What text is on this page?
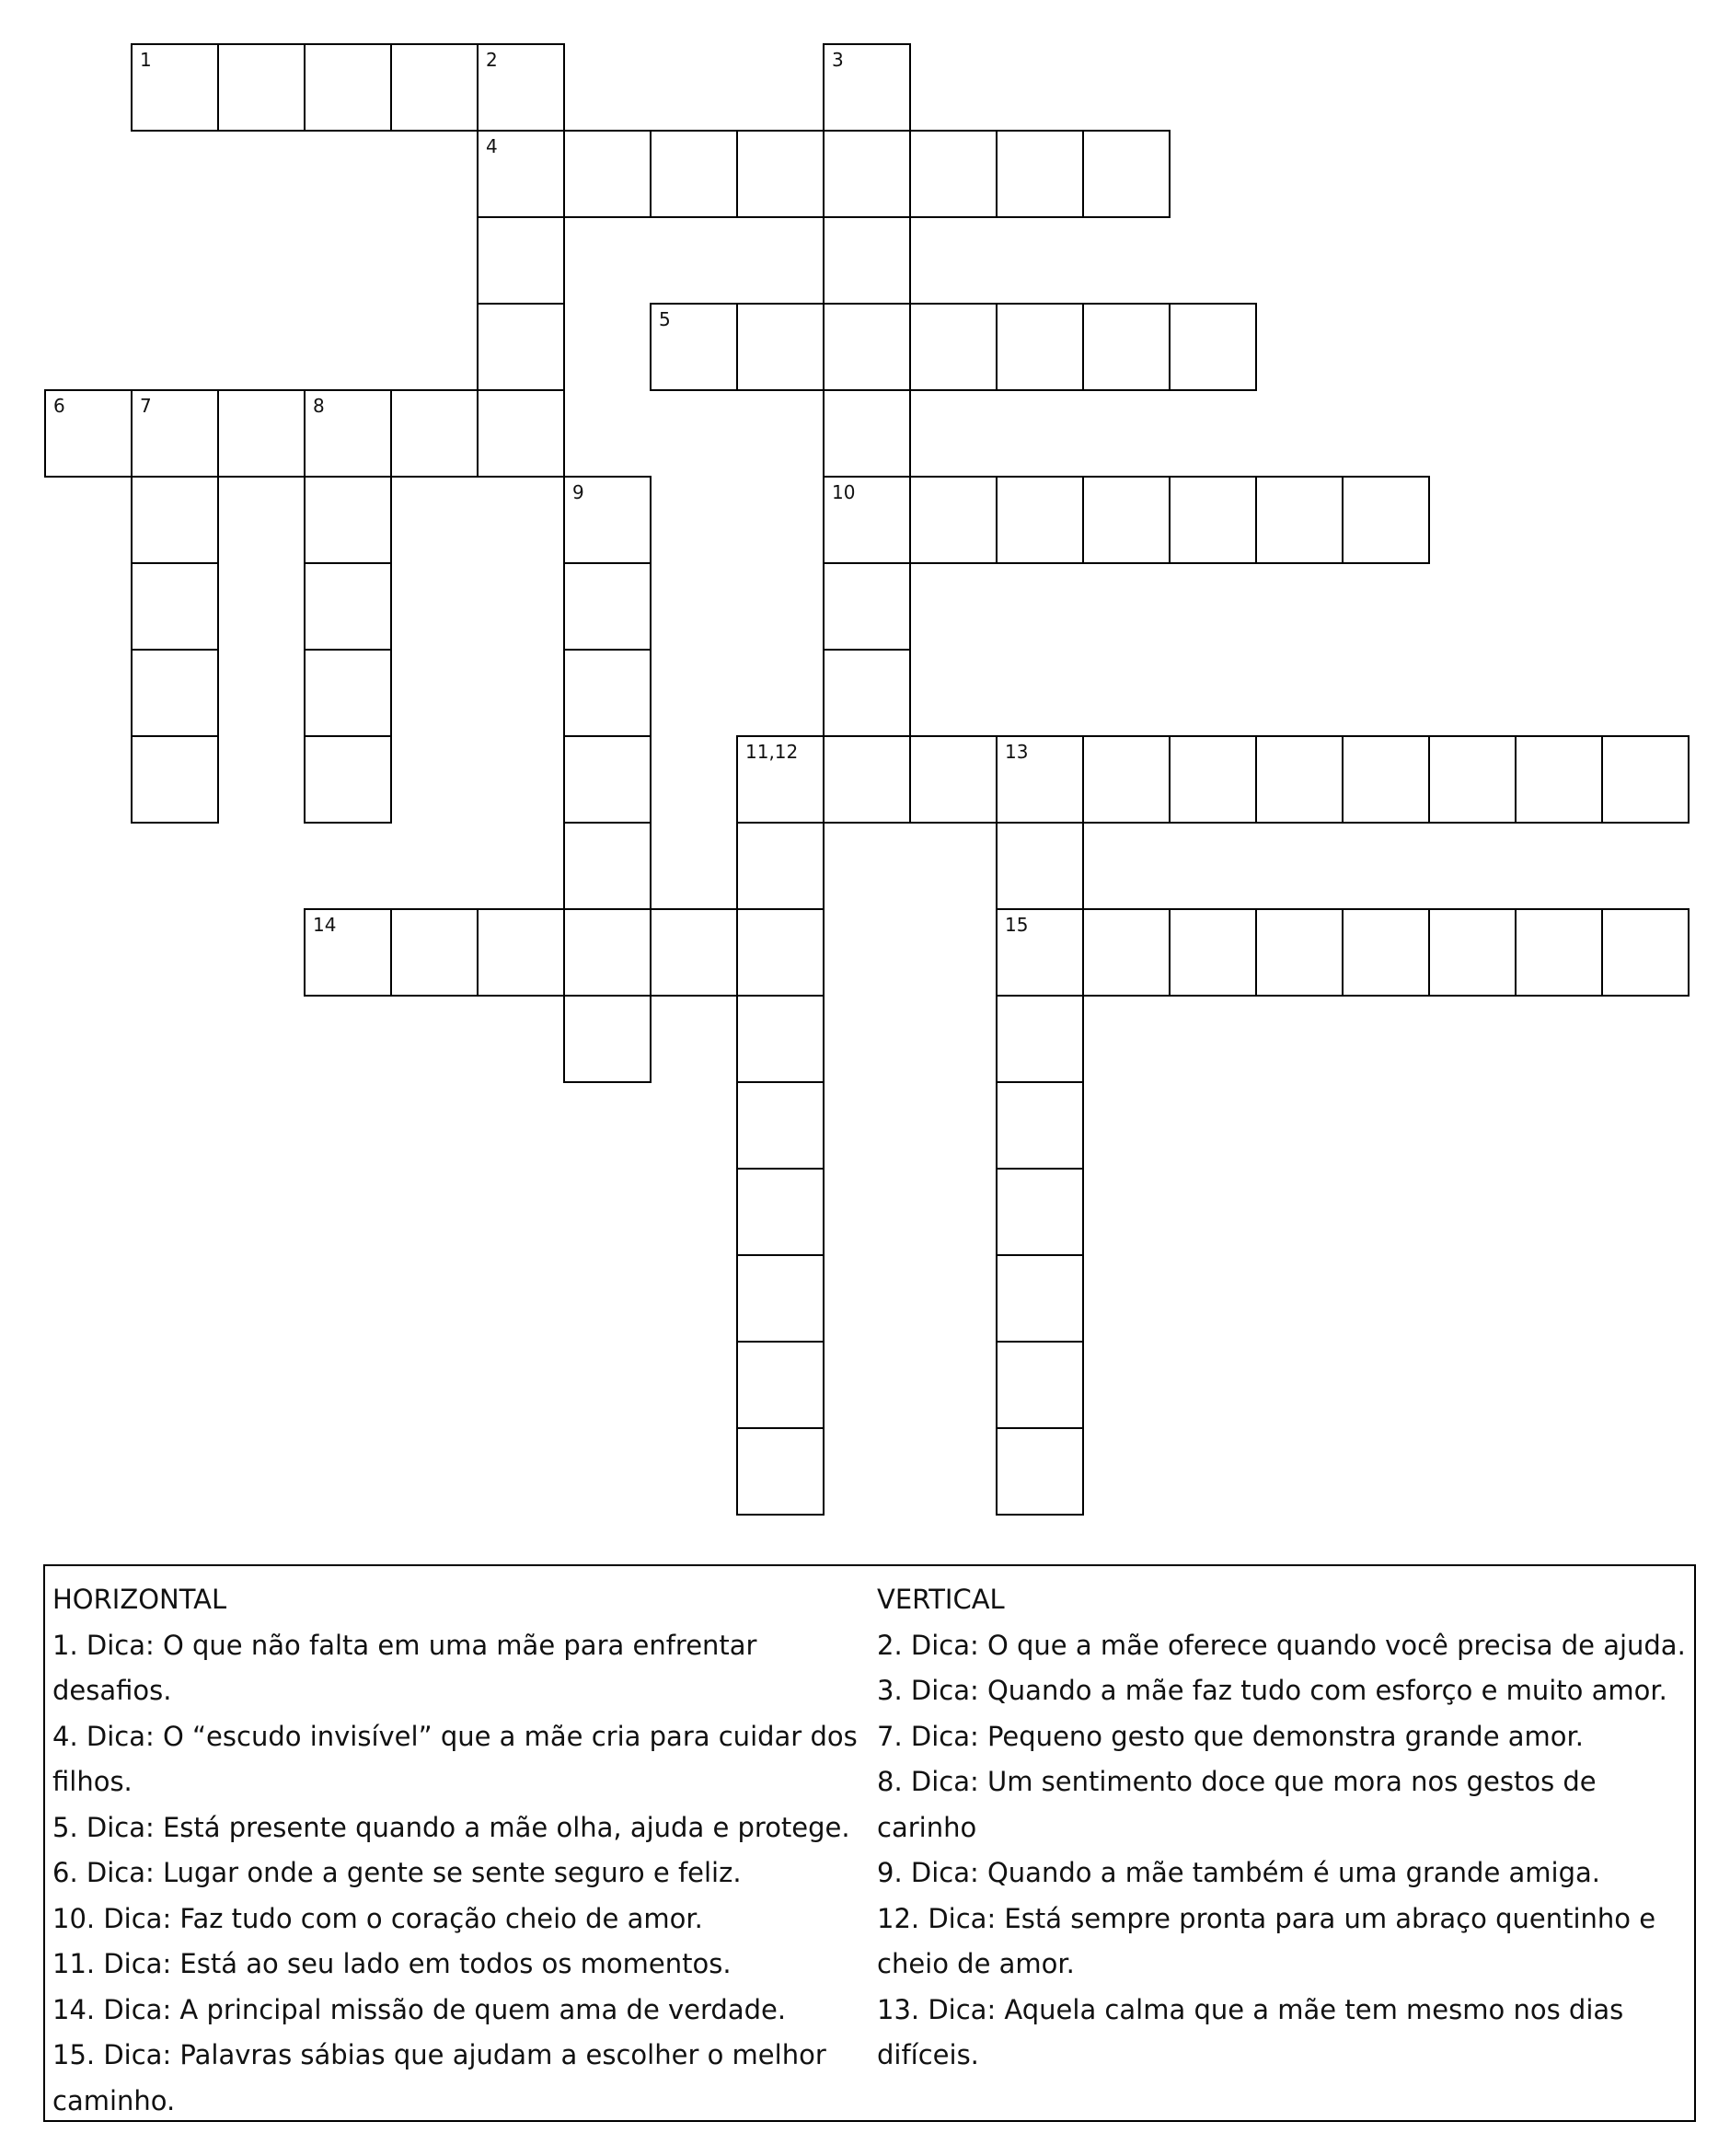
1	2	3
4
5
6	7	8
9	10
11,12	13
14	15
HORIZONTAL
1. Dica: O que não falta em uma mãe para enfrentar desafios.
4. Dica: O “escudo invisível” que a mãe cria para cuidar dos filhos.
5. Dica: Está presente quando a mãe olha, ajuda e protege.
6. Dica: Lugar onde a gente se sente seguro e feliz.
10. Dica: Faz tudo com o coração cheio de amor.
11. Dica: Está ao seu lado em todos os momentos.
14. Dica: A principal missão de quem ama de verdade.
15. Dica: Palavras sábias que ajudam a escolher o melhor caminho.
VERTICAL
2. Dica: O que a mãe oferece quando você precisa de ajuda.
3. Dica: Quando a mãe faz tudo com esforço e muito amor.
7. Dica: Pequeno gesto que demonstra grande amor.
8. Dica: Um sentimento doce que mora nos gestos de carinho
9. Dica: Quando a mãe também é uma grande amiga.
12. Dica: Está sempre pronta para um abraço quentinho e cheio de amor.
13. Dica: Aquela calma que a mãe tem mesmo nos dias difíceis.
